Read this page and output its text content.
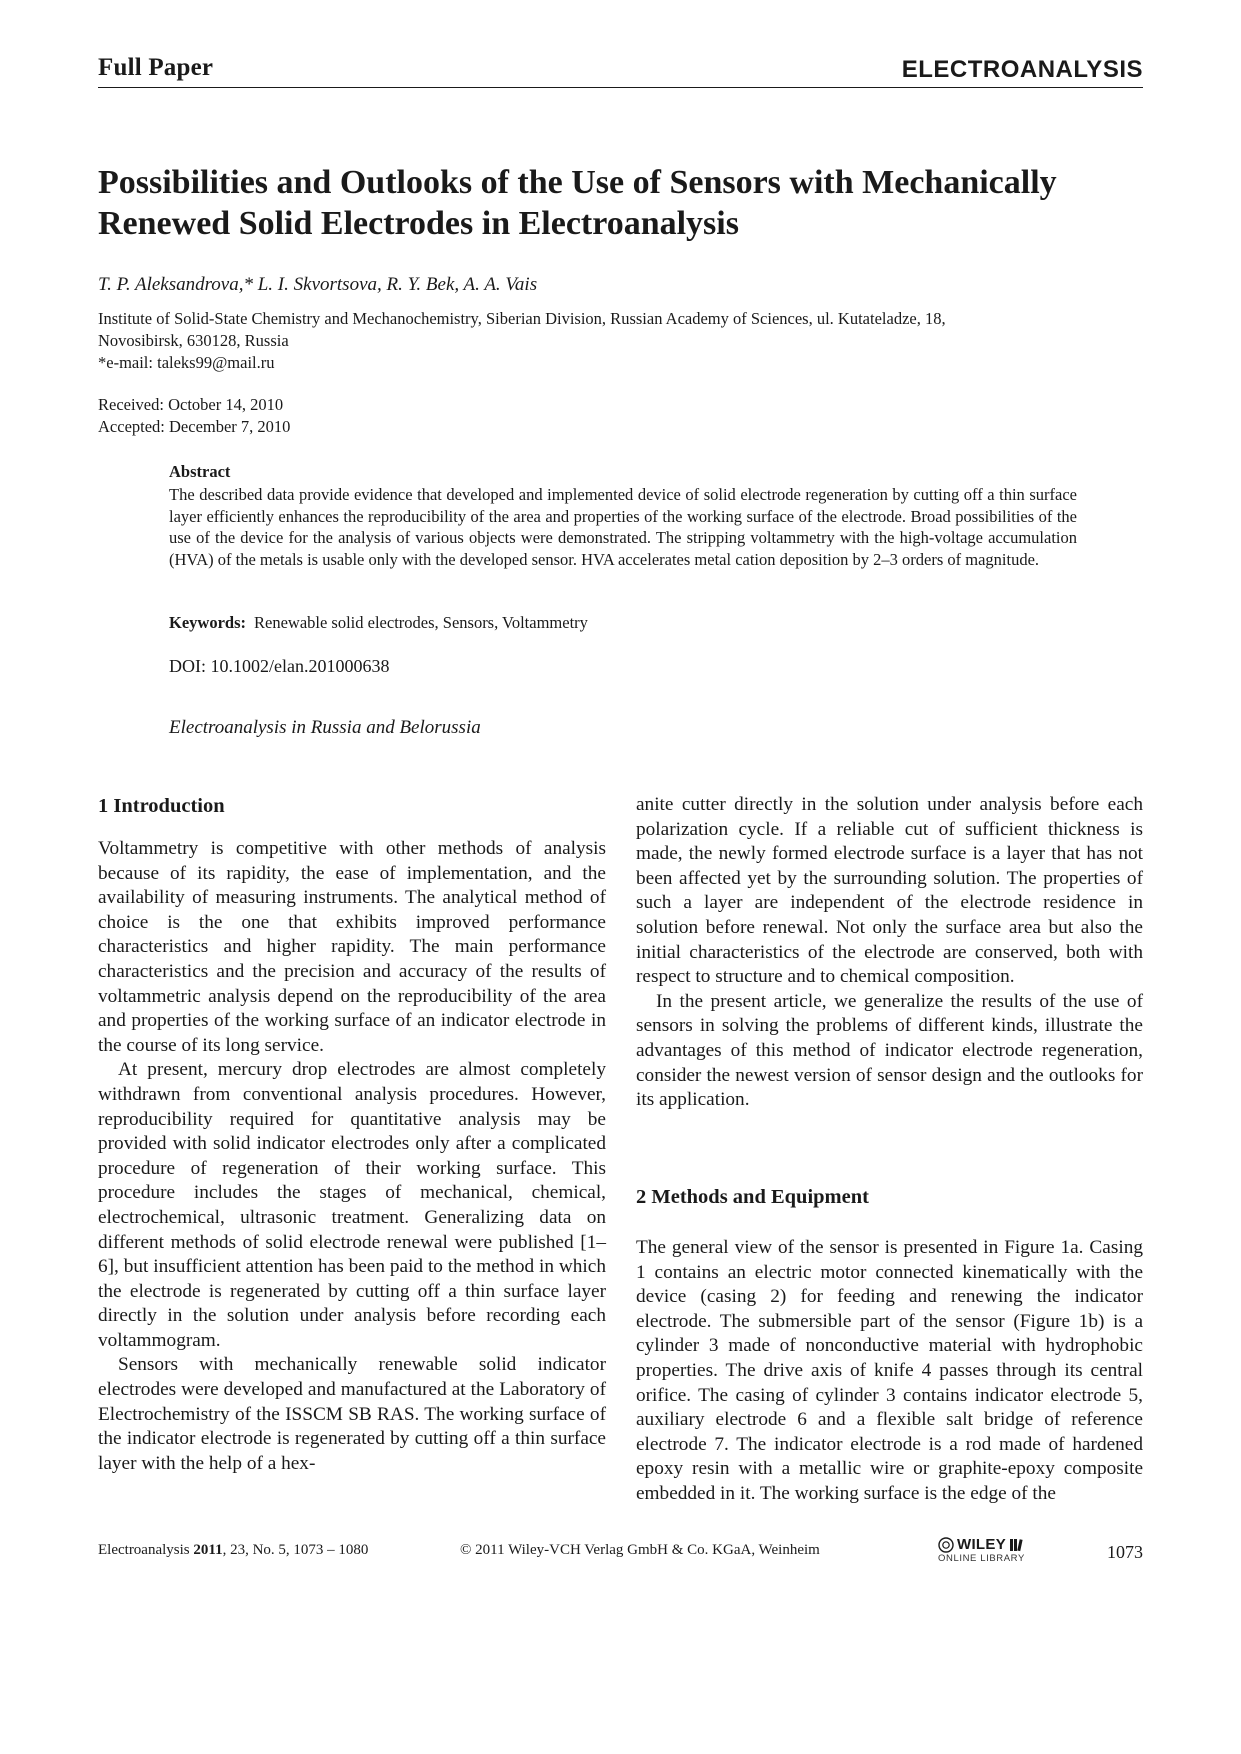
Full Paper	ELECTROANALYSIS
Possibilities and Outlooks of the Use of Sensors with Mechanically
Renewed Solid Electrodes in Electroanalysis
T. P. Aleksandrova,* L. I. Skvortsova, R. Y. Bek, A. A. Vais
Institute of Solid-State Chemistry and Mechanochemistry, Siberian Division, Russian Academy of Sciences, ul. Kutateladze, 18,
Novosibirsk, 630128, Russia
*e-mail: taleks99@mail.ru
Received: October 14, 2010
Accepted: December 7, 2010
Abstract
The described data provide evidence that developed and implemented device of solid electrode regeneration by cutting off a thin surface layer efficiently enhances the reproducibility of the area and properties of the working surface of the electrode. Broad possibilities of the use of the device for the analysis of various objects were demonstrated. The stripping voltammetry with the high-voltage accumulation (HVA) of the metals is usable only with the developed sensor. HVA accelerates metal cation deposition by 2–3 orders of magnitude.
Keywords: Renewable solid electrodes, Sensors, Voltammetry
DOI: 10.1002/elan.201000638
Electroanalysis in Russia and Belorussia
1 Introduction

Voltammetry is competitive with other methods of analysis because of its rapidity, the ease of implementation, and the availability of measuring instruments. The analytical method of choice is the one that exhibits improved performance characteristics and higher rapidity. The main performance characteristics and the precision and accuracy of the results of voltammetric analysis depend on the reproducibility of the area and properties of the working surface of an indicator electrode in the course of its long service.

At present, mercury drop electrodes are almost completely withdrawn from conventional analysis procedures. However, reproducibility required for quantitative analysis may be provided with solid indicator electrodes only after a complicated procedure of regeneration of their working surface. This procedure includes the stages of mechanical, chemical, electrochemical, ultrasonic treatment. Generalizing data on different methods of solid electrode renewal were published [1–6], but insufficient attention has been paid to the method in which the electrode is regenerated by cutting off a thin surface layer directly in the solution under analysis before recording each voltammogram.

Sensors with mechanically renewable solid indicator electrodes were developed and manufactured at the Laboratory of Electrochemistry of the ISSCM SB RAS. The working surface of the indicator electrode is regenerated by cutting off a thin surface layer with the help of a hex-

anite cutter directly in the solution under analysis before each polarization cycle. If a reliable cut of sufficient thickness is made, the newly formed electrode surface is a layer that has not been affected yet by the surrounding solution. The properties of such a layer are independent of the electrode residence in solution before renewal. Not only the surface area but also the initial characteristics of the electrode are conserved, both with respect to structure and to chemical composition.

In the present article, we generalize the results of the use of sensors in solving the problems of different kinds, illustrate the advantages of this method of indicator electrode regeneration, consider the newest version of sensor design and the outlooks for its application.

2 Methods and Equipment

The general view of the sensor is presented in Figure 1a. Casing 1 contains an electric motor connected kinematically with the device (casing 2) for feeding and renewing the indicator electrode. The submersible part of the sensor (Figure 1b) is a cylinder 3 made of nonconductive material with hydrophobic properties. The drive axis of knife 4 passes through its central orifice. The casing of cylinder 3 contains indicator electrode 5, auxiliary electrode 6 and a flexible salt bridge of reference electrode 7. The indicator electrode is a rod made of hardened epoxy resin with a metallic wire or graphite-epoxy composite embedded in it. The working surface is the edge of the

Electroanalysis 2011, 23, No. 5, 1073 – 1080	© 2011 Wiley-VCH Verlag GmbH & Co. KGaA, Weinheim	WILEY
ONLINE LIBRARY	1073
